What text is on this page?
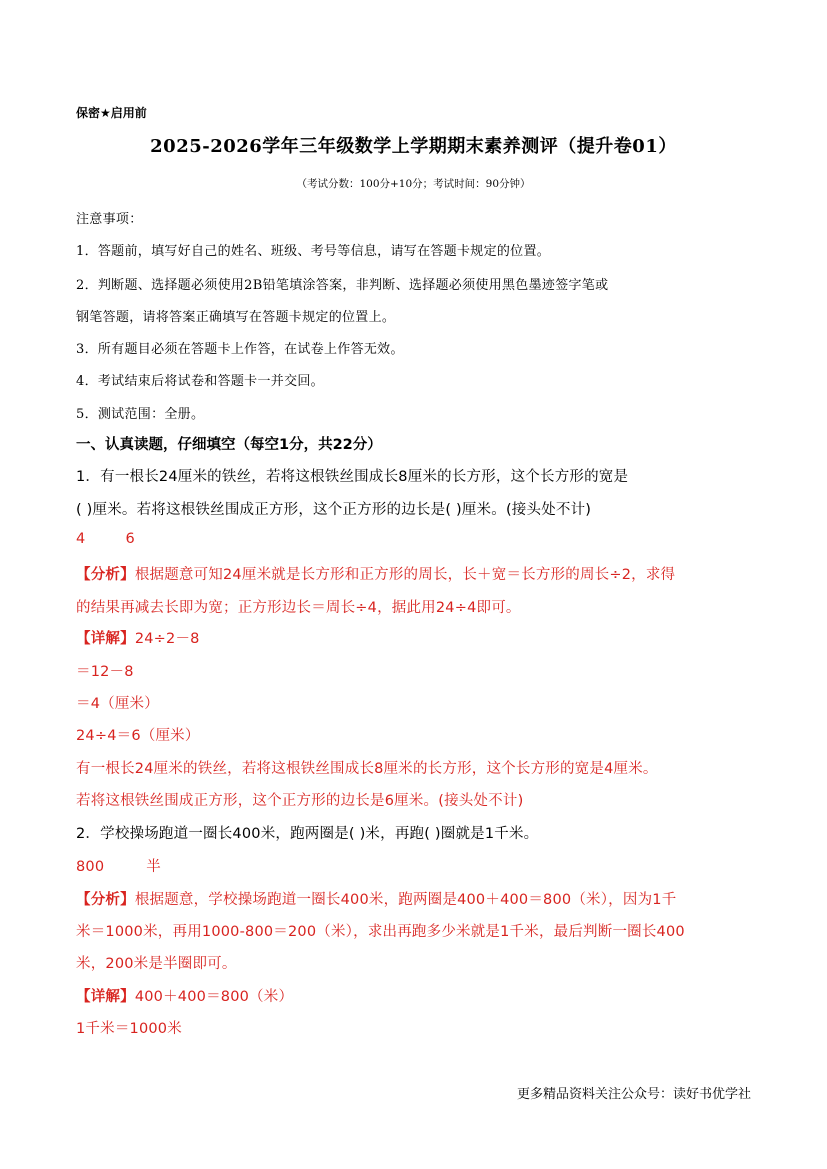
保密★启用前
2025-2026学年三年级数学上学期期末素养测评（提升卷01）
（考试分数：100分+10分；考试时间：90分钟）
注意事项：
1．答题前，填写好自己的姓名、班级、考号等信息，请写在答题卡规定的位置。
2．判断题、选择题必须使用2B铅笔填涂答案，非判断、选择题必须使用黑色墨迹签字笔或
钢笔答题，请将答案正确填写在答题卡规定的位置上。
3．所有题目必须在答题卡上作答，在试卷上作答无效。
4．考试结束后将试卷和答题卡一并交回。
5．测试范围：全册。
一、认真读题，仔细填空（每空1分，共22分）
1．有一根长24厘米的铁丝，若将这根铁丝围成长8厘米的长方形，这个长方形的宽是
( )厘米。若将这根铁丝围成正方形，这个正方形的边长是( )厘米。(接头处不计)
4	6
【分析】根据题意可知24厘米就是长方形和正方形的周长，长＋宽＝长方形的周长÷2，求得
的结果再减去长即为宽；正方形边长＝周长÷4，据此用24÷4即可。
【详解】24÷2－8
＝12－8
＝4（厘米）
24÷4＝6（厘米）
有一根长24厘米的铁丝，若将这根铁丝围成长8厘米的长方形，这个长方形的宽是4厘米。
若将这根铁丝围成正方形，这个正方形的边长是6厘米。(接头处不计)
2．学校操场跑道一圈长400米，跑两圈是( )米，再跑( )圈就是1千米。
800	半
【分析】根据题意，学校操场跑道一圈长400米，跑两圈是400＋400＝800（米），因为1千
米＝1000米，再用1000-800＝200（米），求出再跑多少米就是1千米，最后判断一圈长400
米，200米是半圈即可。
【详解】400＋400＝800（米）
1千米＝1000米
更多精品资料关注公众号：读好书优学社
